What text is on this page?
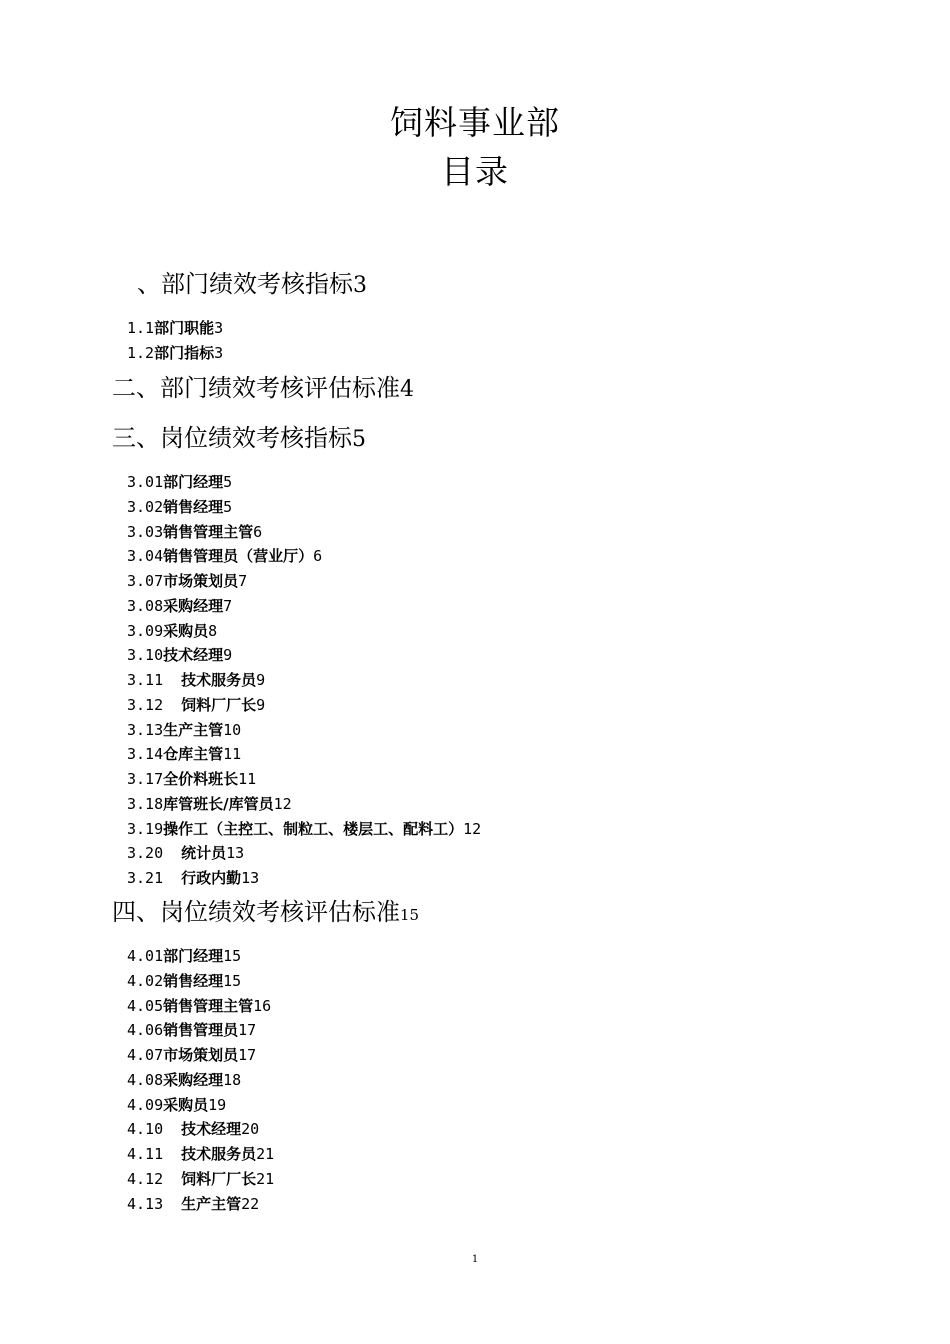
饲料事业部
目录
、部门绩效考核指标3
1.1部门职能3
1.2部门指标3
二、部门绩效考核评估标准4
三、岗位绩效考核指标5
3.01部门经理5
3.02销售经理5
3.03销售管理主管6
3.04销售管理员（营业厅）6
3.07市场策划员7
3.08采购经理7
3.09采购员8
3.10技术经理9
3.11 技术服务员9
3.12 饲料厂厂长9
3.13生产主管10
3.14仓库主管11
3.17全价料班长11
3.18库管班长/库管员12
3.19操作工（主控工、制粒工、楼层工、配料工）12
3.20 统计员13
3.21 行政内勤13
四、岗位绩效考核评估标准15
4.01部门经理15
4.02销售经理15
4.05销售管理主管16
4.06销售管理员17
4.07市场策划员17
4.08采购经理18
4.09采购员19
4.10 技术经理20
4.11 技术服务员21
4.12 饲料厂厂长21
4.13 生产主管22
1
